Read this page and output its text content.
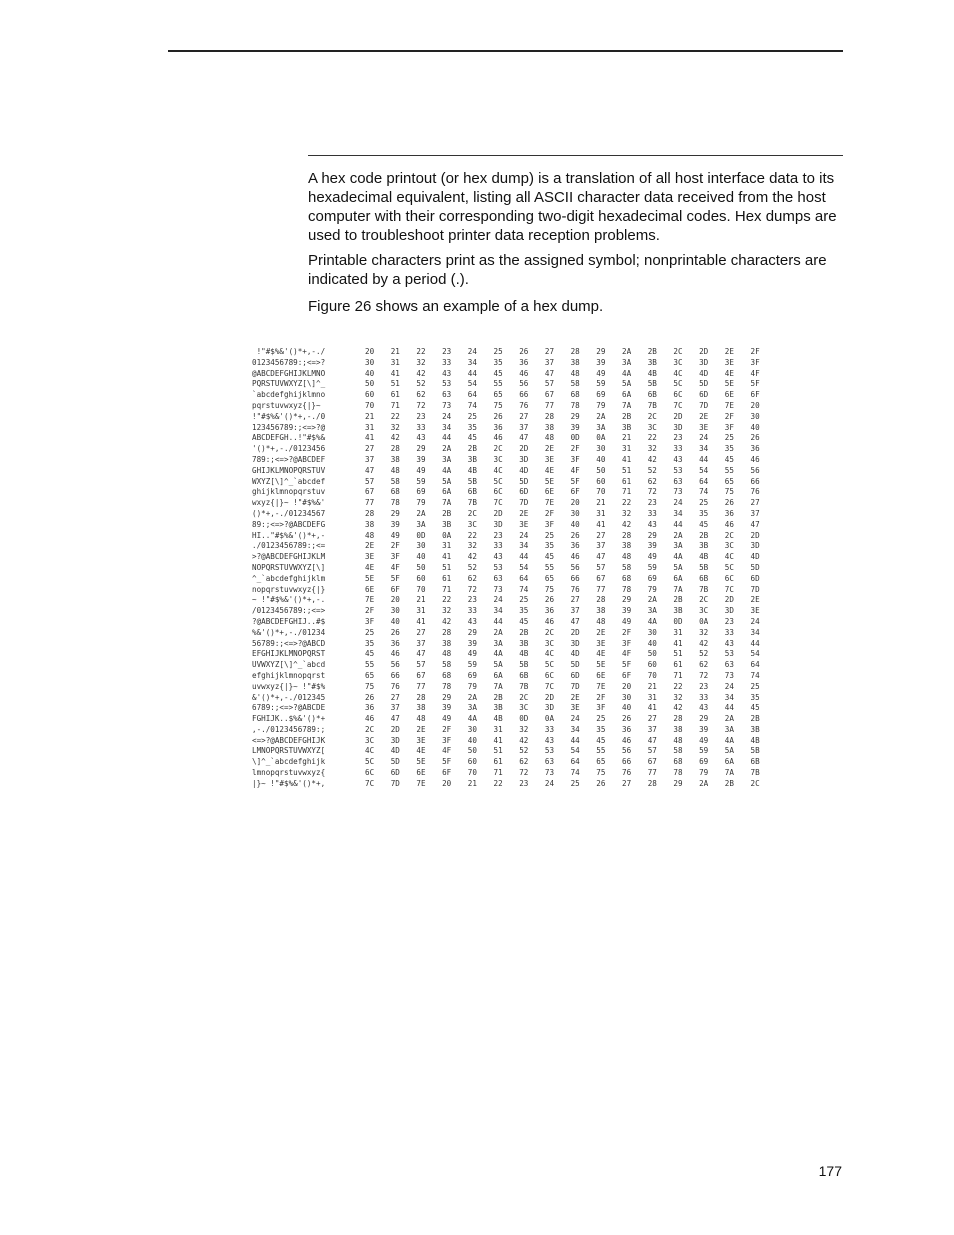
A hex code printout (or hex dump) is a translation of all host interface data to its hexadecimal equivalent, listing all ASCII character data received from the host computer with their corresponding two-digit hexadecimal codes. Hex dumps are used to troubleshoot printer data reception problems.

Printable characters print as the assigned symbol; nonprintable characters are indicated by a period (.).

Figure 26 shows an example of a hex dump.

!"#$%&'()*+,-./	20	21	22	23	24	25	26	27	28	29	2A	2B	2C	2D	2E	2F
0123456789:;<=>?	30	31	32	33	34	35	36	37	38	39	3A	3B	3C	3D	3E	3F
@ABCDEFGHIJKLMNO	40	41	42	43	44	45	46	47	48	49	4A	4B	4C	4D	4E	4F
PQRSTUVWXYZ[\]^_	50	51	52	53	54	55	56	57	58	59	5A	5B	5C	5D	5E	5F
`abcdefghijklmno	60	61	62	63	64	65	66	67	68	69	6A	6B	6C	6D	6E	6F
pqrstuvwxyz{|}~	70	71	72	73	74	75	76	77	78	79	7A	7B	7C	7D	7E	20
!"#$%&'()*+,-./0	21	22	23	24	25	26	27	28	29	2A	2B	2C	2D	2E	2F	30
123456789:;<=>?@	31	32	33	34	35	36	37	38	39	3A	3B	3C	3D	3E	3F	40
ABCDEFGH..!"#$%&	41	42	43	44	45	46	47	48	0D	0A	21	22	23	24	25	26
'()*+,-./0123456	27	28	29	2A	2B	2C	2D	2E	2F	30	31	32	33	34	35	36
789:;<=>?@ABCDEF	37	38	39	3A	3B	3C	3D	3E	3F	40	41	42	43	44	45	46
GHIJKLMNOPQRSTUV	47	48	49	4A	4B	4C	4D	4E	4F	50	51	52	53	54	55	56
WXYZ[\]^_`abcdef	57	58	59	5A	5B	5C	5D	5E	5F	60	61	62	63	64	65	66
ghijklmnopqrstuv	67	68	69	6A	6B	6C	6D	6E	6F	70	71	72	73	74	75	76
wxyz{|}~ !"#$%&'	77	78	79	7A	7B	7C	7D	7E	20	21	22	23	24	25	26	27
()*+,-./01234567	28	29	2A	2B	2C	2D	2E	2F	30	31	32	33	34	35	36	37
89:;<=>?@ABCDEFG	38	39	3A	3B	3C	3D	3E	3F	40	41	42	43	44	45	46	47
HI.."#$%&'()*+,-	48	49	0D	0A	22	23	24	25	26	27	28	29	2A	2B	2C	2D
./0123456789:;<=	2E	2F	30	31	32	33	34	35	36	37	38	39	3A	3B	3C	3D
>?@ABCDEFGHIJKLM	3E	3F	40	41	42	43	44	45	46	47	48	49	4A	4B	4C	4D
NOPQRSTUVWXYZ[\]	4E	4F	50	51	52	53	54	55	56	57	58	59	5A	5B	5C	5D
^_`abcdefghijklm	5E	5F	60	61	62	63	64	65	66	67	68	69	6A	6B	6C	6D
nopqrstuvwxyz{|}	6E	6F	70	71	72	73	74	75	76	77	78	79	7A	7B	7C	7D
~ !"#$%&'()*+,-.	7E	20	21	22	23	24	25	26	27	28	29	2A	2B	2C	2D	2E
/0123456789:;<=>	2F	30	31	32	33	34	35	36	37	38	39	3A	3B	3C	3D	3E
?@ABCDEFGHIJ..#$	3F	40	41	42	43	44	45	46	47	48	49	4A	0D	0A	23	24
%&'()*+,-./01234	25	26	27	28	29	2A	2B	2C	2D	2E	2F	30	31	32	33	34
56789:;<=>?@ABCD	35	36	37	38	39	3A	3B	3C	3D	3E	3F	40	41	42	43	44
EFGHIJKLMNOPQRST	45	46	47	48	49	4A	4B	4C	4D	4E	4F	50	51	52	53	54
UVWXYZ[\]^_`abcd	55	56	57	58	59	5A	5B	5C	5D	5E	5F	60	61	62	63	64
efghijklmnopqrst	65	66	67	68	69	6A	6B	6C	6D	6E	6F	70	71	72	73	74
uvwxyz{|}~ !"#$%	75	76	77	78	79	7A	7B	7C	7D	7E	20	21	22	23	24	25
&'()*+,-./012345	26	27	28	29	2A	2B	2C	2D	2E	2F	30	31	32	33	34	35
6789:;<=>?@ABCDE	36	37	38	39	3A	3B	3C	3D	3E	3F	40	41	42	43	44	45
FGHIJK..$%&'()*+	46	47	48	49	4A	4B	0D	0A	24	25	26	27	28	29	2A	2B
,-./0123456789:;	2C	2D	2E	2F	30	31	32	33	34	35	36	37	38	39	3A	3B
<=>?@ABCDEFGHIJK	3C	3D	3E	3F	40	41	42	43	44	45	46	47	48	49	4A	4B
LMNOPQRSTUVWXYZ[	4C	4D	4E	4F	50	51	52	53	54	55	56	57	58	59	5A	5B
\]^_`abcdefghijk	5C	5D	5E	5F	60	61	62	63	64	65	66	67	68	69	6A	6B
lmnopqrstuvwxyz{	6C	6D	6E	6F	70	71	72	73	74	75	76	77	78	79	7A	7B
|}~ !"#$%&'()*+,	7C	7D	7E	20	21	22	23	24	25	26	27	28	29	2A	2B	2C
177
